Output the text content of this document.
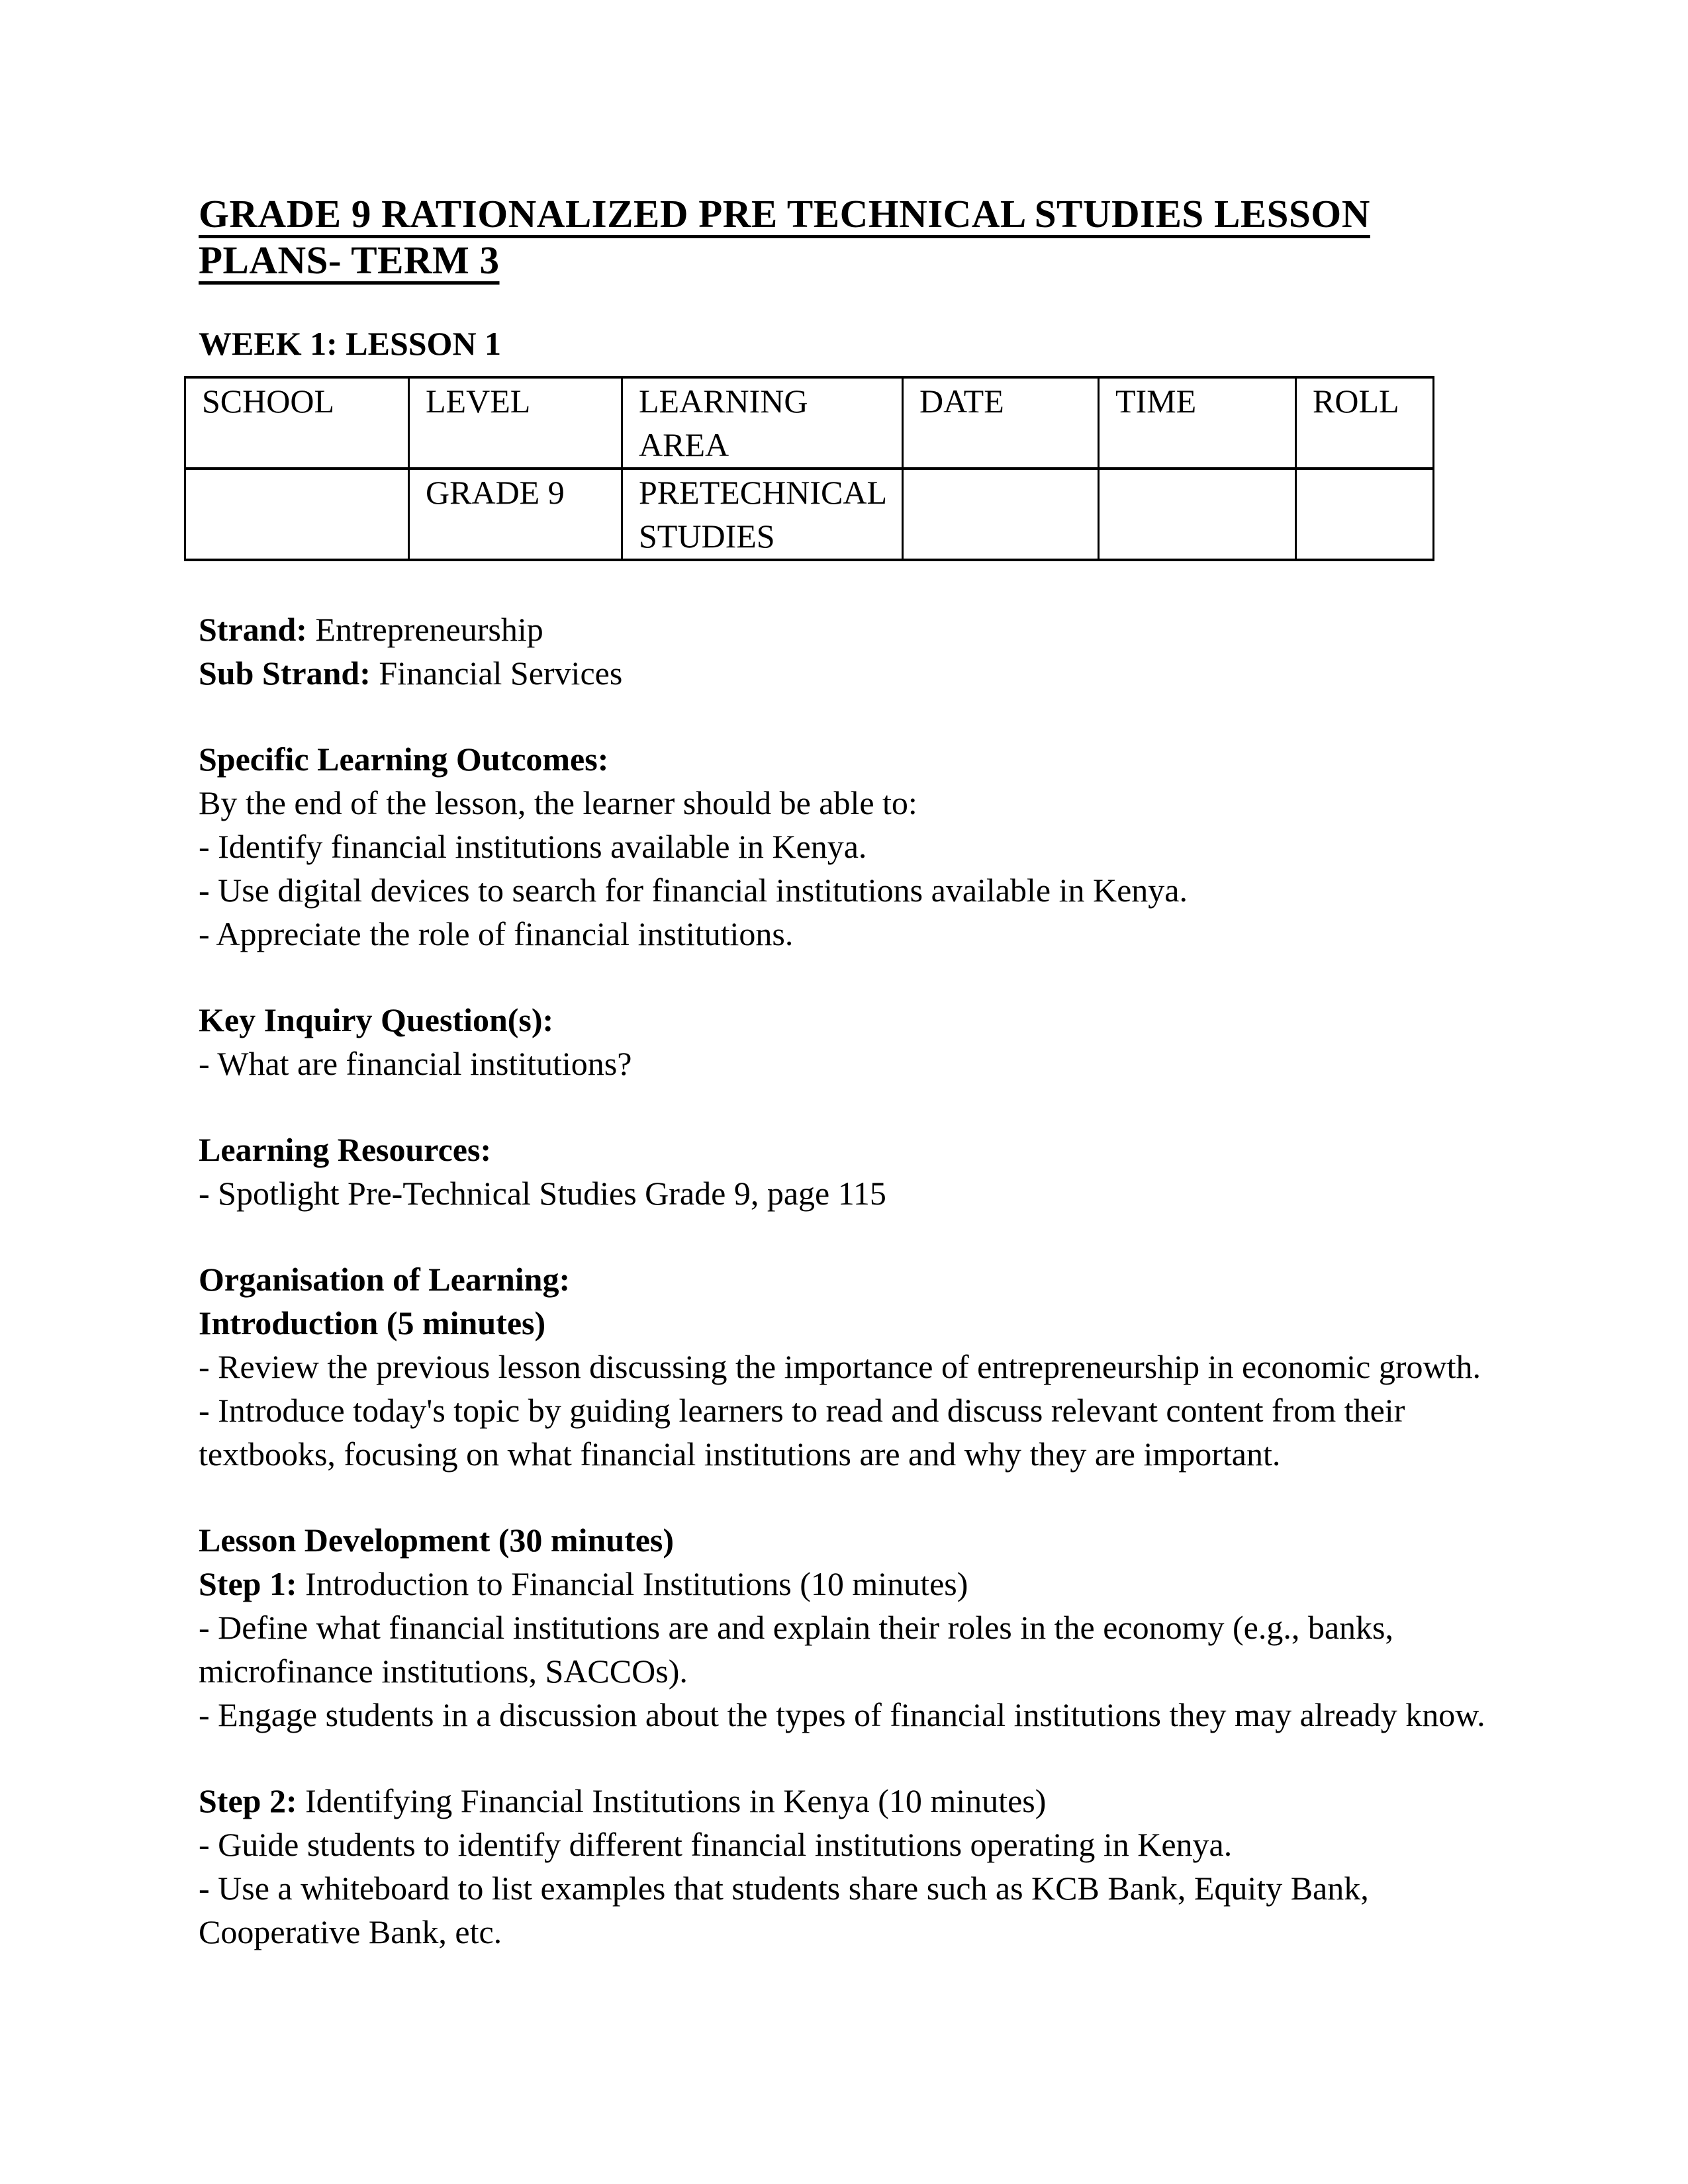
GRADE 9 RATIONALIZED PRE TECHNICAL STUDIES LESSON PLANS- TERM 3
WEEK 1: LESSON 1
SCHOOL	LEVEL	LEARNING AREA	DATE	TIME	ROLL
	GRADE 9	PRETECHNICAL STUDIES			

Strand: Entrepreneurship

Sub Strand: Financial Services

Specific Learning Outcomes:

By the end of the lesson, the learner should be able to:

- Identify financial institutions available in Kenya.

- Use digital devices to search for financial institutions available in Kenya.

- Appreciate the role of financial institutions.

Key Inquiry Question(s):

- What are financial institutions?

Learning Resources:

- Spotlight Pre-Technical Studies Grade 9, page 115

Organisation of Learning:

Introduction (5 minutes)

- Review the previous lesson discussing the importance of entrepreneurship in economic growth.

- Introduce today's topic by guiding learners to read and discuss relevant content from their textbooks, focusing on what financial institutions are and why they are important.

Lesson Development (30 minutes)

Step 1: Introduction to Financial Institutions (10 minutes)

- Define what financial institutions are and explain their roles in the economy (e.g., banks, microfinance institutions, SACCOs).

- Engage students in a discussion about the types of financial institutions they may already know.

Step 2: Identifying Financial Institutions in Kenya (10 minutes)

- Guide students to identify different financial institutions operating in Kenya.

- Use a whiteboard to list examples that students share such as KCB Bank, Equity Bank, Cooperative Bank, etc.
